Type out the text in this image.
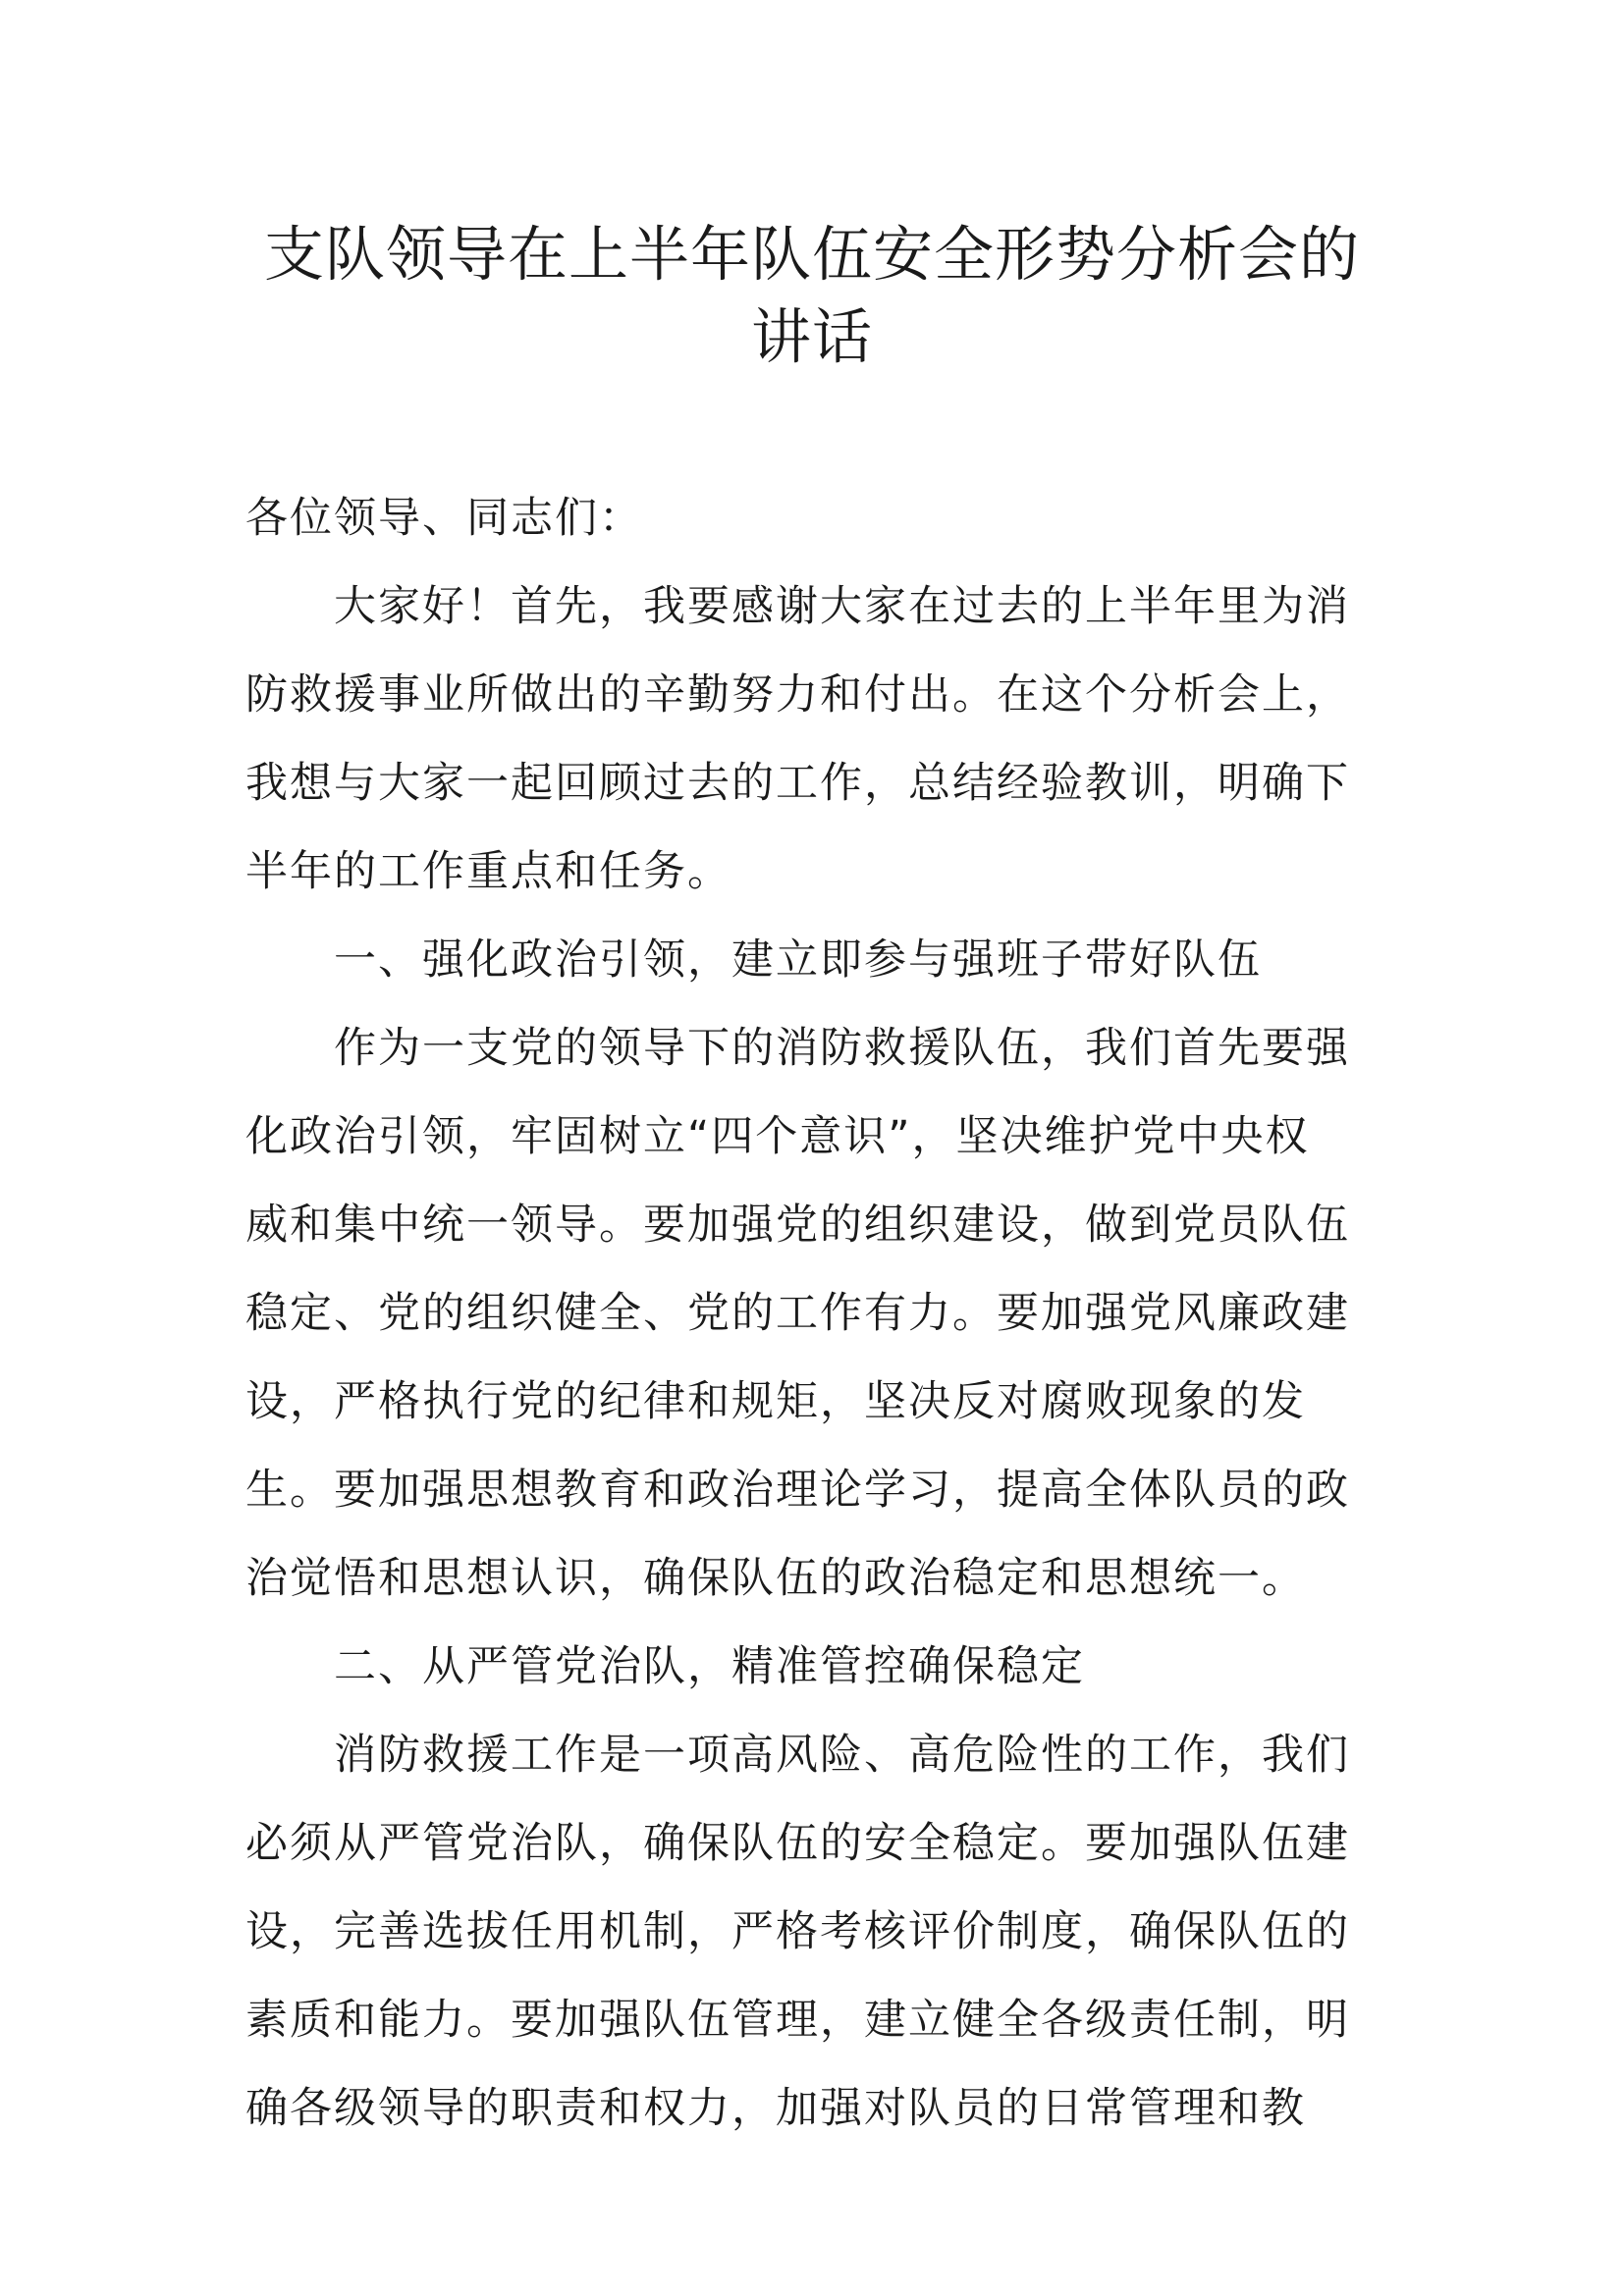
支队领导在上半年队伍安全形势分析会的
讲话
各位领导、同志们：
大家好！首先，我要感谢大家在过去的上半年里为消
防救援事业所做出的辛勤努力和付出。在这个分析会上，
我想与大家一起回顾过去的工作，总结经验教训，明确下
半年的工作重点和任务。
一、强化政治引领，建立即参与强班子带好队伍
作为一支党的领导下的消防救援队伍，我们首先要强
化政治引领，牢固树立“四个意识”，坚决维护党中央权
威和集中统一领导。要加强党的组织建设，做到党员队伍
稳定、党的组织健全、党的工作有力。要加强党风廉政建
设，严格执行党的纪律和规矩，坚决反对腐败现象的发
生。要加强思想教育和政治理论学习，提高全体队员的政
治觉悟和思想认识，确保队伍的政治稳定和思想统一。
二、从严管党治队，精准管控确保稳定
消防救援工作是一项高风险、高危险性的工作，我们
必须从严管党治队，确保队伍的安全稳定。要加强队伍建
设，完善选拔任用机制，严格考核评价制度，确保队伍的
素质和能力。要加强队伍管理，建立健全各级责任制，明
确各级领导的职责和权力，加强对队员的日常管理和教
